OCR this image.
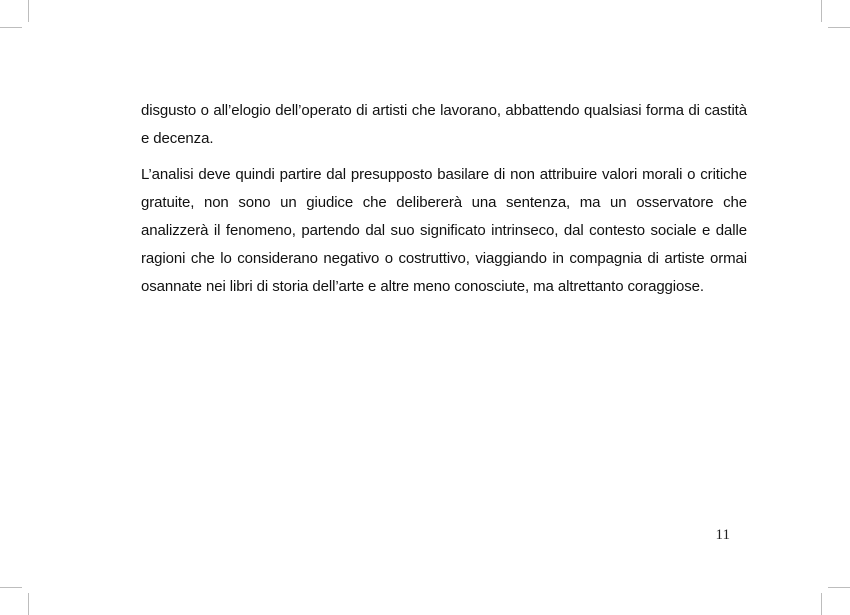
disgusto o all’elogio dell’operato di artisti che lavorano, abbattendo qualsiasi forma di castità e decenza.

L’analisi deve quindi partire dal presupposto basilare di non attribuire valori morali o critiche gratuite, non sono un giudice che delibererà una sentenza, ma un osservatore che analizzerà il fenomeno, partendo dal suo significato intrinseco, dal contesto sociale e dalle ragioni che lo considerano negativo o costruttivo, viaggiando in compagnia di artiste ormai osannate nei libri di storia dell’arte e altre meno conosciute, ma altrettanto coraggiose.

11
